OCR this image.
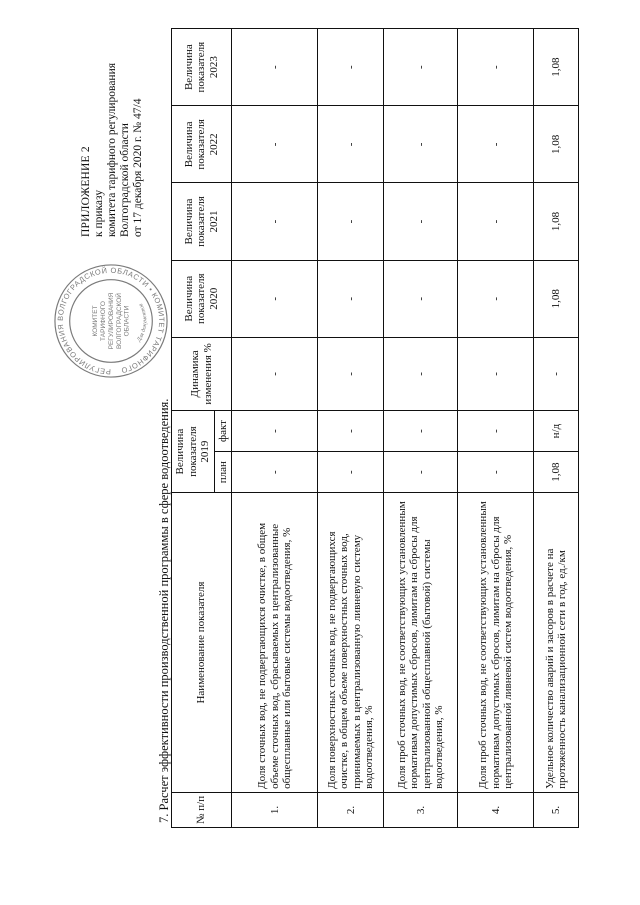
РЕГУЛИРОВАНИЯ ВОЛГОГРАДСКОЙ ОБЛАСТИ • КОМИТЕТ ТАРИФНОГО
КОМИТЕТ ТАРИФНОГО РЕГУЛИРОВАНИЯ ВОЛГОГРАДСКОЙ ОБЛАСТИ
Для документов
ПРИЛОЖЕНИЕ 2 к приказу комитета тарифного регулирования Волгоградской области от 17 декабря 2020 г. № 47/4
7. Расчет эффективности производственной программы в сфере водоотведения. № п/п	Наименование показателя	Величина показателя 2019		Динамика изменения %	Величина показателя 2020	Величина показателя 2021	Величина показателя 2022	Величина показателя 2023
		план	факт					
1.	Доля сточных вод, не подвергающихся очистке, в общем объеме сточных вод, сбрасываемых в централизованные общесплавные или бытовые системы водоотведения, %	-	-	-	-	-	-	-
2.	Доля поверхностных сточных вод, не подвергающихся очистке, в общем объеме поверхностных сточных вод, принимаемых в централизованную ливневую систему водоотведения, %	-	-	-	-	-	-	-
3.	Доля проб сточных вод, не соответствующих установленным нормативам допустимых сбросов, лимитам на сбросы для централизованной общесплавной (бытовой) системы водоотведения, %	-	-	-	-	-	-	-
4.	Доля проб сточных вод, не соответствующих установленным нормативам допустимых сбросов, лимитам на сбросы для централизованной ливневой систем водоотведения, %	-	-	-	-	-	-	-
5.	Удельное количество аварий и засоров в расчете на протяженность канализационной сети в год, ед./км	1,08	н/д	-	1,08	1,08	1,08	1,08
